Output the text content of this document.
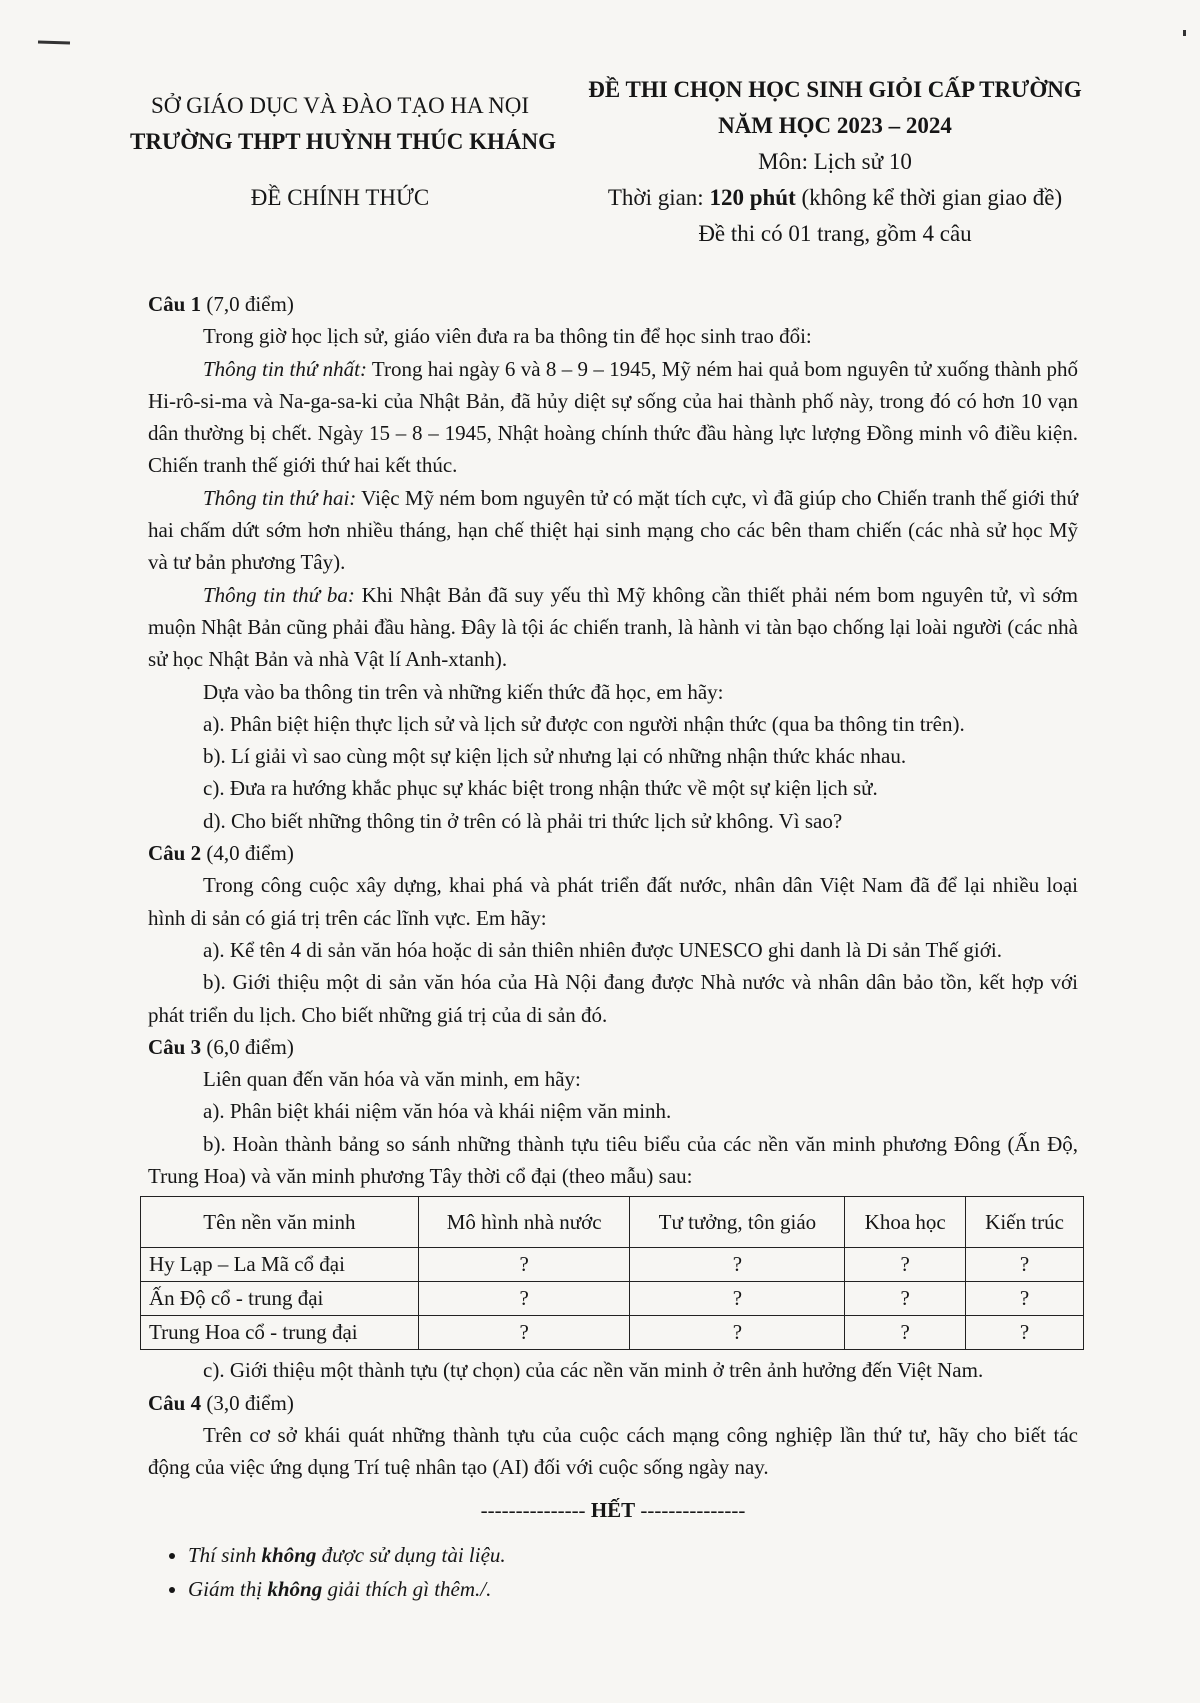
SỞ GIÁO DỤC VÀ ĐÀO TẠO HA NỌI
TRƯỜNG THPT HUỲNH THÚC KHÁNG
ĐỀ CHÍNH THỨC
ĐỀ THI CHỌN HỌC SINH GIỎI CẤP TRƯỜNG
NĂM HỌC 2023 – 2024
Môn: Lịch sử 10
Thời gian: 120 phút (không kể thời gian giao đề)
Đề thi có 01 trang, gồm 4 câu

Câu 1 (7,0 điểm)

Trong giờ học lịch sử, giáo viên đưa ra ba thông tin để học sinh trao đổi:

Thông tin thứ nhất: Trong hai ngày 6 và 8 – 9 – 1945, Mỹ ném hai quả bom nguyên tử xuống thành phố Hi-rô-si-ma và Na-ga-sa-ki của Nhật Bản, đã hủy diệt sự sống của hai thành phố này, trong đó có hơn 10 vạn dân thường bị chết. Ngày 15 – 8 – 1945, Nhật hoàng chính thức đầu hàng lực lượng Đồng minh vô điều kiện. Chiến tranh thế giới thứ hai kết thúc.

Thông tin thứ hai: Việc Mỹ ném bom nguyên tử có mặt tích cực, vì đã giúp cho Chiến tranh thế giới thứ hai chấm dứt sớm hơn nhiều tháng, hạn chế thiệt hại sinh mạng cho các bên tham chiến (các nhà sử học Mỹ và tư bản phương Tây).

Thông tin thứ ba: Khi Nhật Bản đã suy yếu thì Mỹ không cần thiết phải ném bom nguyên tử, vì sớm muộn Nhật Bản cũng phải đầu hàng. Đây là tội ác chiến tranh, là hành vi tàn bạo chống lại loài người (các nhà sử học Nhật Bản và nhà Vật lí Anh-xtanh).

Dựa vào ba thông tin trên và những kiến thức đã học, em hãy:

a). Phân biệt hiện thực lịch sử và lịch sử được con người nhận thức (qua ba thông tin trên).

b). Lí giải vì sao cùng một sự kiện lịch sử nhưng lại có những nhận thức khác nhau.

c). Đưa ra hướng khắc phục sự khác biệt trong nhận thức về một sự kiện lịch sử.

d). Cho biết những thông tin ở trên có là phải tri thức lịch sử không. Vì sao?

Câu 2 (4,0 điểm)

Trong công cuộc xây dựng, khai phá và phát triển đất nước, nhân dân Việt Nam đã để lại nhiều loại hình di sản có giá trị trên các lĩnh vực. Em hãy:

a). Kể tên 4 di sản văn hóa hoặc di sản thiên nhiên được UNESCO ghi danh là Di sản Thế giới.

b). Giới thiệu một di sản văn hóa của Hà Nội đang được Nhà nước và nhân dân bảo tồn, kết hợp với phát triển du lịch. Cho biết những giá trị của di sản đó.

Câu 3 (6,0 điểm)

Liên quan đến văn hóa và văn minh, em hãy:

a). Phân biệt khái niệm văn hóa và khái niệm văn minh.

b). Hoàn thành bảng so sánh những thành tựu tiêu biểu của các nền văn minh phương Đông (Ấn Độ, Trung Hoa) và văn minh phương Tây thời cổ đại (theo mẫu) sau:

Tên nền văn minh	Mô hình nhà nước	Tư tưởng, tôn giáo	Khoa học	Kiến trúc
Hy Lạp – La Mã cổ đại	?	?	?	?
Ấn Độ cổ - trung đại	?	?	?	?
Trung Hoa cổ - trung đại	?	?	?	?

c). Giới thiệu một thành tựu (tự chọn) của các nền văn minh ở trên ảnh hưởng đến Việt Nam.

Câu 4 (3,0 điểm)

Trên cơ sở khái quát những thành tựu của cuộc cách mạng công nghiệp lần thứ tư, hãy cho biết tác động của việc ứng dụng Trí tuệ nhân tạo (AI) đối với cuộc sống ngày nay.

--------------- HẾT ---------------
• Thí sinh không được sử dụng tài liệu.
• Giám thị không giải thích gì thêm./.
